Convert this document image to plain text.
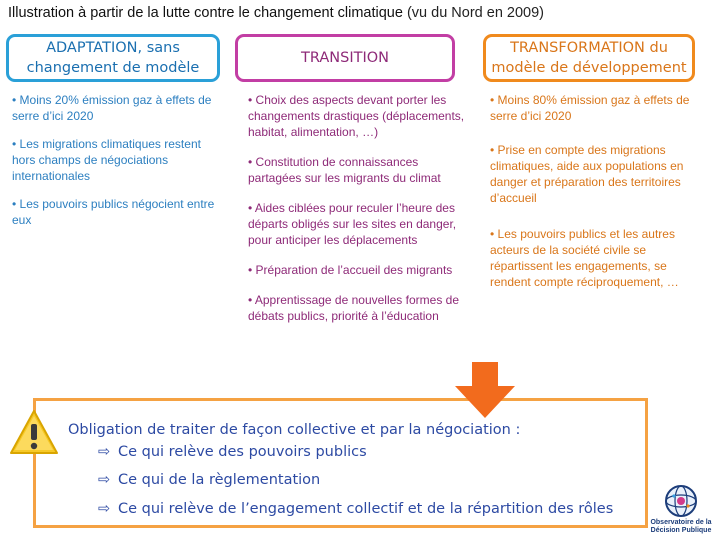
Illustration à partir de la lutte contre le changement climatique (vu du Nord en 2009)
ADAPTATION, sans
changement de modèle
TRANSITION
TRANSFORMATION du
modèle de développement

• Moins 20% émission gaz à effets de serre d’ici 2020

• Les migrations climatiques restent hors champs de négociations internationales

• Les pouvoirs publics négocient entre eux

• Choix des aspects devant porter les changements drastiques (déplacements, habitat, alimentation, …)

• Constitution de connaissances partagées sur les migrants du climat

• Aides ciblées pour reculer l’heure des départs obligés sur les sites en danger, pour anticiper les déplacements

• Préparation de l’accueil des migrants

• Apprentissage de nouvelles formes de débats publics, priorité à l’éducation

• Moins 80% émission gaz à effets de serre d’ici 2020

• Prise en compte des migrations climatiques, aide aux populations en danger et préparation des territoires d’accueil

• Les pouvoirs publics et les autres acteurs de la société civile se répartissent les engagements, se rendent compte réciproquement, …

Obligation de traiter de façon collective et par la négociation :
⇨ Ce qui relève des pouvoirs publics
⇨ Ce qui de la règlementation
⇨ Ce qui relève de l’engagement collectif et de la répartition des rôles
Observatoire de la
Décision Publique
